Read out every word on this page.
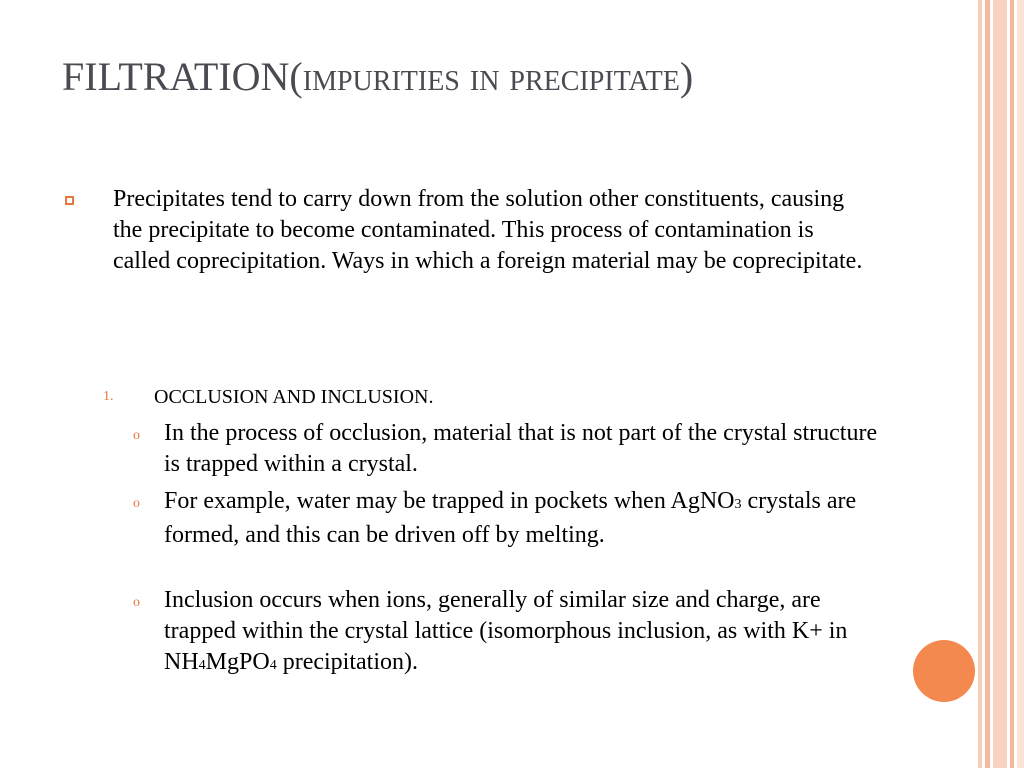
FILTRATION(impurities in precipitate)
Precipitates tend to carry down from the solution other constituents, causing the precipitate to become contaminated. This process of contamination is called coprecipitation. Ways in which a foreign material may be coprecipitate.
1. OCCLUSION AND INCLUSION.
o In the process of occlusion, material that is not part of the crystal structure is trapped within a crystal.
o For example, water may be trapped in pockets when AgNO3 crystals are formed, and this can be driven off by melting.
o Inclusion occurs when ions, generally of similar size and charge, are trapped within the crystal lattice (isomorphous inclusion, as with K+ in NH4MgPO4 precipitation).
